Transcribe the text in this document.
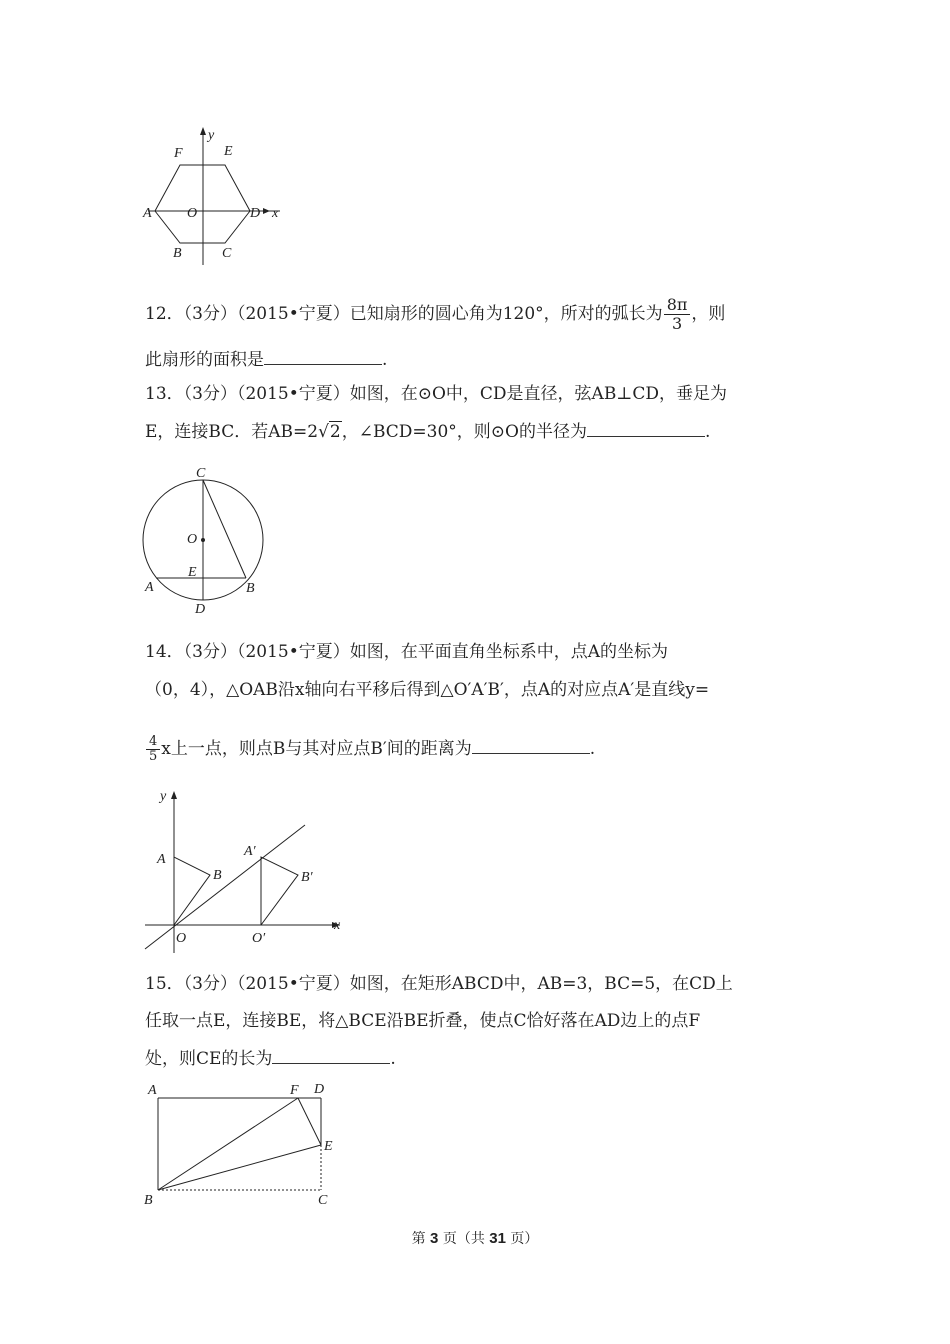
y
x
F	E
A	O	D
B	C
12．（3分）（2015•宁夏）已知扇形的圆心角为120°，所对的弧长为 $\frac{8\pi}{3}$ ，则
此扇形的面积是	.
13．（3分）（2015•宁夏）如图，在⊙O中，CD是直径，弦AB⊥CD，垂足为
E，连接BC．若AB=2√2，∠BCD=30°，则⊙O的半径为	.
C
O
E
A	B
D
14．（3分）（2015•宁夏）如图，在平面直角坐标系中，点A的坐标为
（0，4），△OAB沿x轴向右平移后得到△O′A′B′，点A的对应点A′是直线y=
$\frac{4}{5}$ x上一点，则点B与其对应点B′间的距离为	.
y
x
A
B
O
A′
B′
O′
15．（3分）（2015•宁夏）如图，在矩形ABCD中，AB=3，BC=5，在CD上
任取一点E，连接BE，将△BCE沿BE折叠，使点C恰好落在AD边上的点F
处，则CE的长为	.
A	F D
E
B	C
第 3 页（共 31 页）
